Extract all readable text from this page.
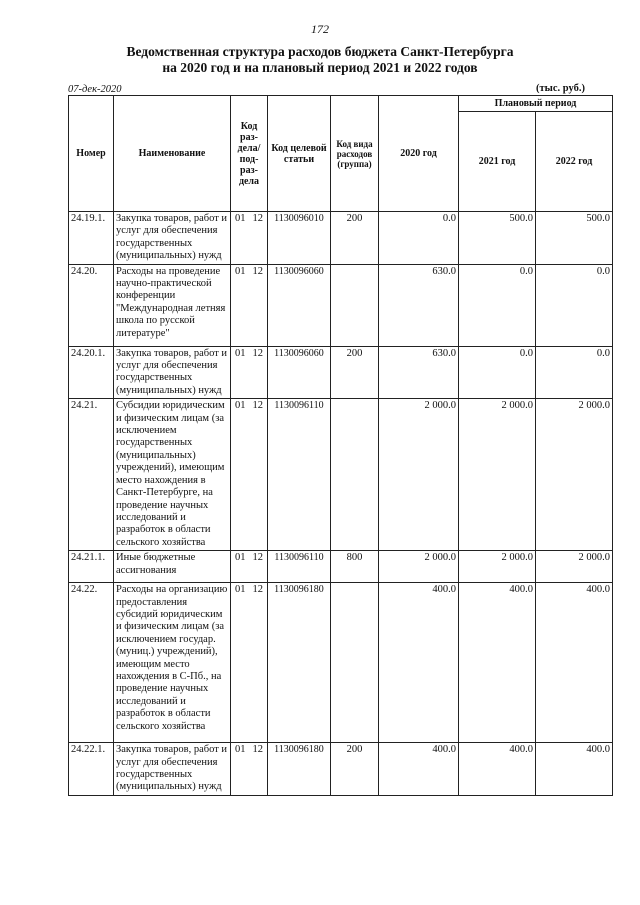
172
Ведомственная структура расходов бюджета Санкт-Петербурга
на 2020 год и на плановый период 2021 и 2022 годов
07-дек-2020	(тыс. руб.)
Номер	Наименование	Код раз-дела/ под-раз-дела	Код целевой статьи	Код вида расходов (группа)	2020 год	Плановый период	
						2021 год	2022 год
24.19.1.	Закупка товаров, работ и услуг для обеспечения государственных (муниципальных) нужд	01 12	1130096010	200	0.0	500.0	500.0
24.20.	Расходы на проведение научно-практической конференции "Международная летняя школа по русской литературе"	01 12	1130096060		630.0	0.0	0.0
24.20.1.	Закупка товаров, работ и услуг для обеспечения государственных (муниципальных) нужд	01 12	1130096060	200	630.0	0.0	0.0
24.21.	Субсидии юридическим и физическим лицам (за исключением государственных (муниципальных) учреждений), имеющим место нахождения в Санкт-Петербурге, на проведение научных исследований и разработок в области сельского хозяйства	01 12	1130096110		2 000.0	2 000.0	2 000.0
24.21.1.	Иные бюджетные ассигнования	01 12	1130096110	800	2 000.0	2 000.0	2 000.0
24.22.	Расходы на организацию предоставления субсидий юридическим и физическим лицам (за исключением государ. (муниц.) учреждений), имеющим место нахождения в С-Пб., на проведение научных исследований и разработок в области сельского хозяйства	01 12	1130096180		400.0	400.0	400.0
24.22.1.	Закупка товаров, работ и услуг для обеспечения государственных (муниципальных) нужд	01 12	1130096180	200	400.0	400.0	400.0
